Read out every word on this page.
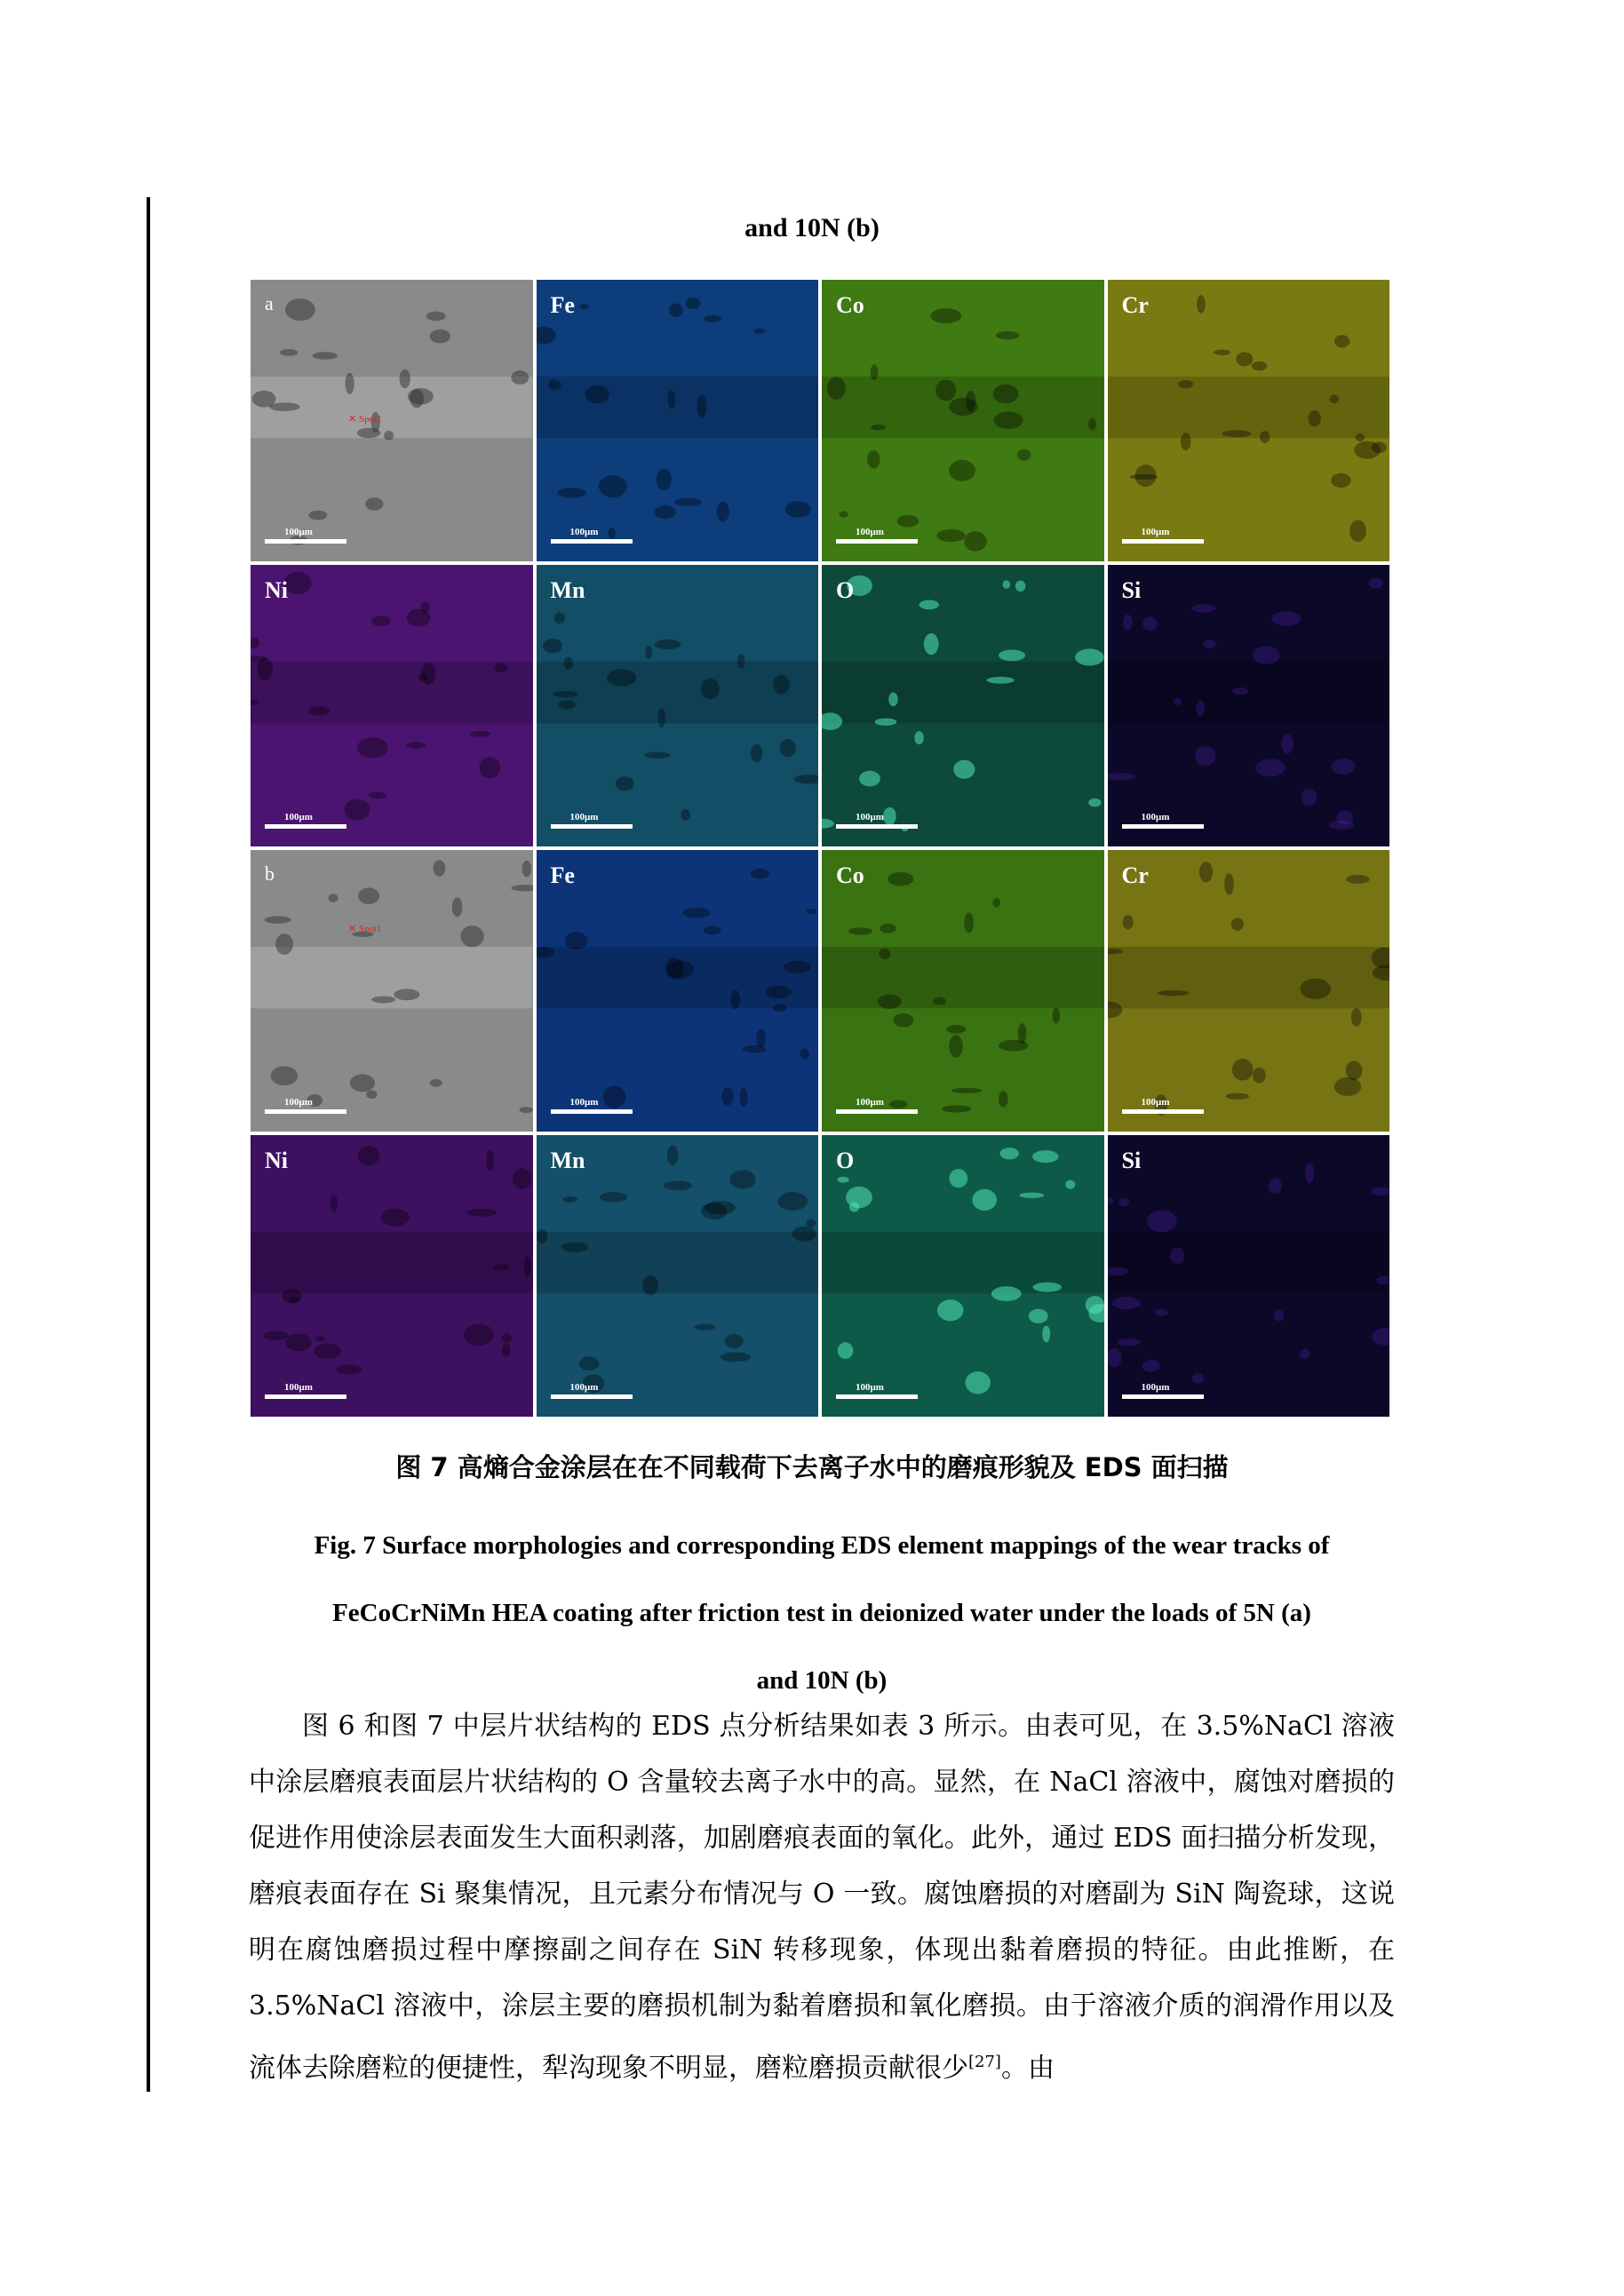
and 10N (b)
a
✕ Spot1
100μm
Fe
100μm
Co
100μm
Cr
100μm
Ni
100μm
Mn
100μm
O
100μm
Si
100μm
b
✕ Spot1
100μm
Fe
100μm
Co
100μm
Cr
100μm
Ni
100μm
Mn
100μm
O
100μm
Si
100μm
图 7 高熵合金涂层在在不同载荷下去离子水中的磨痕形貌及 EDS 面扫描
Fig. 7 Surface morphologies and corresponding EDS element mappings of the wear tracks of
FeCoCrNiMn HEA coating after friction test in deionized water under the loads of 5N (a)
and 10N (b)
图 6 和图 7 中层片状结构的 EDS 点分析结果如表 3 所示。由表可见，在 3.5%NaCl 溶液中涂层磨痕表面层片状结构的 O 含量较去离子水中的高。显然，在 NaCl 溶液中，腐蚀对磨损的促进作用使涂层表面发生大面积剥落，加剧磨痕表面的氧化。此外，通过 EDS 面扫描分析发现，磨痕表面存在 Si 聚集情况，且元素分布情况与 O 一致。腐蚀磨损的对磨副为 SiN 陶瓷球，这说明在腐蚀磨损过程中摩擦副之间存在 SiN 转移现象，体现出黏着磨损的特征。由此推断，在 3.5%NaCl 溶液中，涂层主要的磨损机制为黏着磨损和氧化磨损。由于溶液介质的润滑作用以及流体去除磨粒的便捷性，犁沟现象不明显，磨粒磨损贡献很少[27]。由
